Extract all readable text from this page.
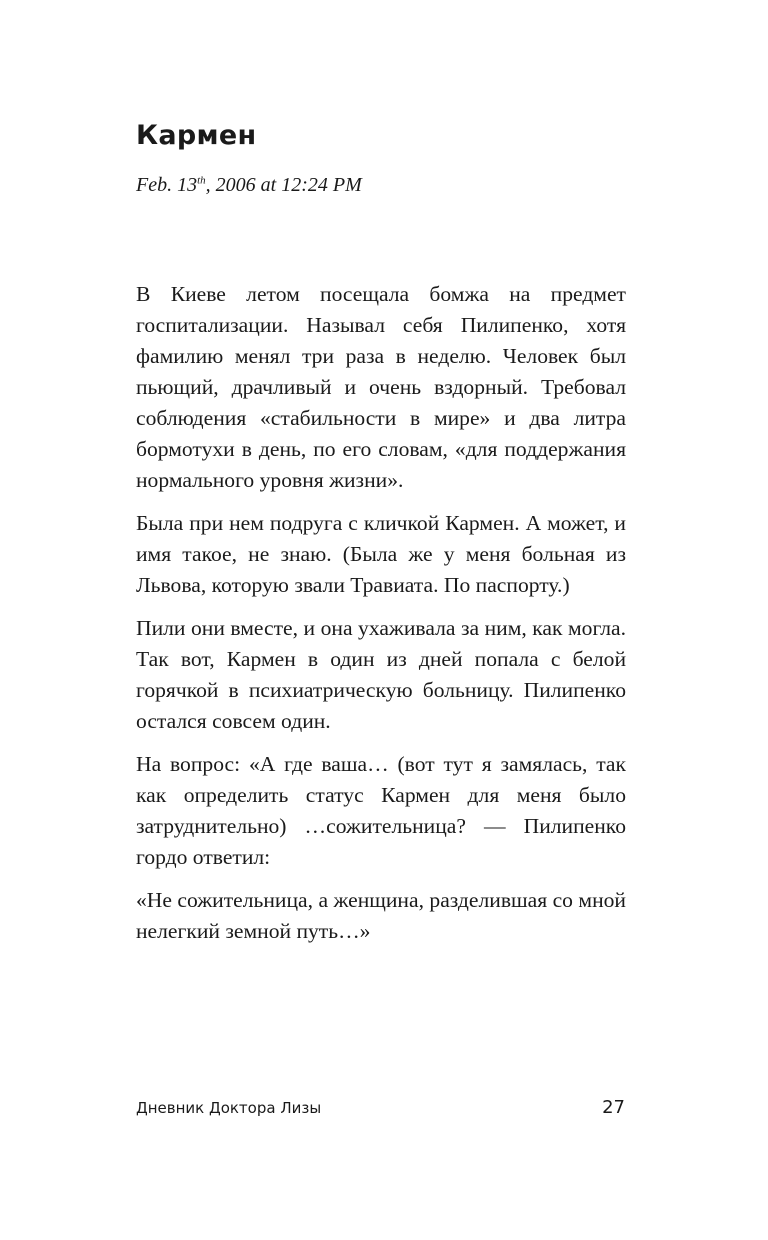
Кармен
Feb. 13th, 2006 at 12:24 PM

В Киеве летом посещала бомжа на предмет госпитализации. Называл себя Пилипенко, хотя фамилию менял три раза в неделю. Человек был пьющий, драчливый и очень вздорный. Требовал соблюдения «стабильности в мире» и два литра бормотухи в день, по его словам, «для поддержания нормального уровня жизни».

Была при нем подруга с кличкой Кармен. А может, и имя такое, не знаю. (Была же у меня больная из Львова, которую звали Травиата. По паспорту.)

Пили они вместе, и она ухаживала за ним, как могла. Так вот, Кармен в один из дней попала с белой горячкой в психиатрическую больницу. Пилипенко остался совсем один.

На вопрос: «А где ваша… (вот тут я замялась, так как определить статус Кармен для меня было затруднительно) …сожительница? — Пилипенко гордо ответил:

«Не сожительница, а женщина, разделившая со мной нелегкий земной путь…»

Дневник Доктора Лизы	27
